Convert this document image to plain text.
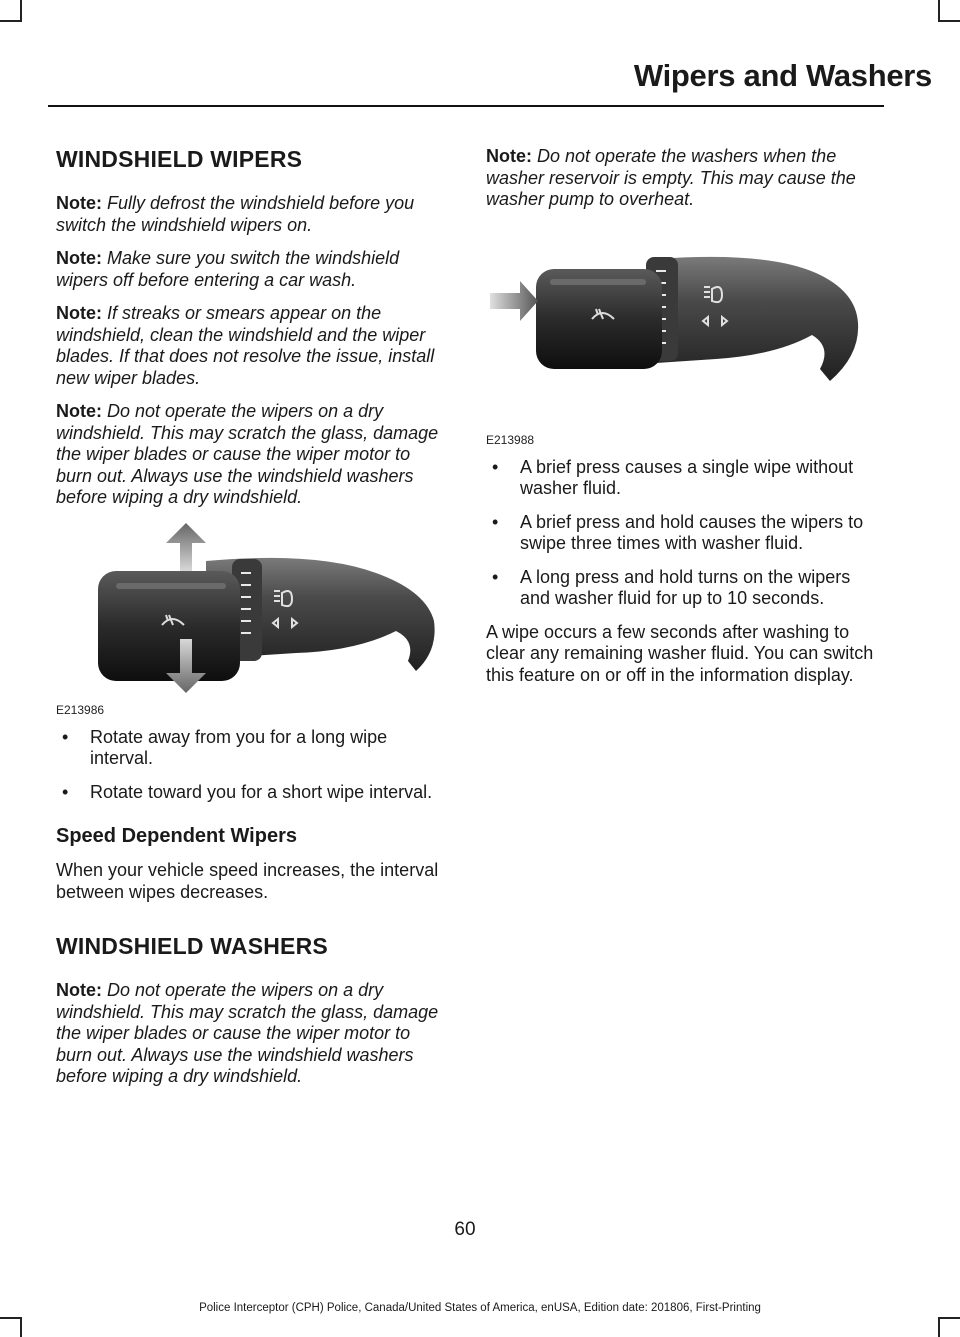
Wipers and Washers
WINDSHIELD WIPERS

Note: Fully defrost the windshield before you switch the windshield wipers on.

Note: Make sure you switch the windshield wipers off before entering a car wash.

Note: If streaks or smears appear on the windshield, clean the windshield and the wiper blades. If that does not resolve the issue, install new wiper blades.

Note: Do not operate the wipers on a dry windshield. This may scratch the glass, damage the wiper blades or cause the wiper motor to burn out. Always use the windshield washers before wiping a dry windshield.

E213986
• Rotate away from you for a long wipe interval.
• Rotate toward you for a short wipe interval.
Speed Dependent Wipers

When your vehicle speed increases, the interval between wipes decreases.

WINDSHIELD WASHERS

Note: Do not operate the wipers on a dry windshield. This may scratch the glass, damage the wiper blades or cause the wiper motor to burn out. Always use the windshield washers before wiping a dry windshield.

Note: Do not operate the washers when the washer reservoir is empty. This may cause the washer pump to overheat.

E213988
• A brief press causes a single wipe without washer fluid.
• A brief press and hold causes the wipers to swipe three times with washer fluid.
• A long press and hold turns on the wipers and washer fluid for up to 10 seconds.

A wipe occurs a few seconds after washing to clear any remaining washer fluid. You can switch this feature on or off in the information display.

60
Police Interceptor (CPH) Police, Canada/United States of America, enUSA, Edition date: 201806, First-Printing
